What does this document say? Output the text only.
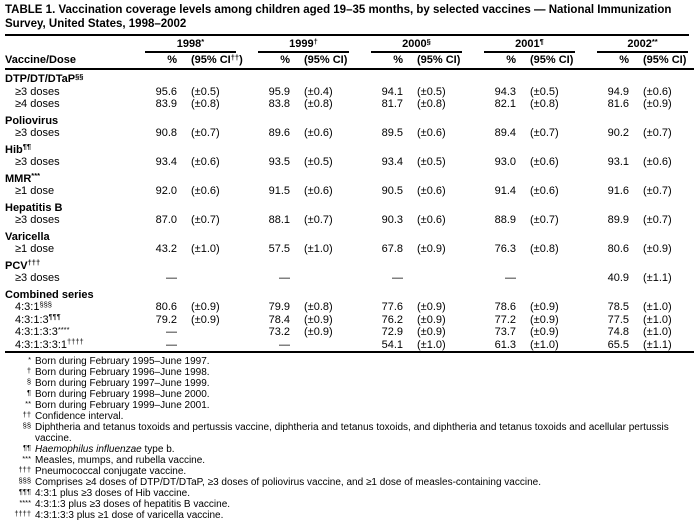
TABLE 1. Vaccination coverage levels among children aged 19–35 months, by selected vaccines — National Immunization Survey, United States, 1998–2002

	1998*		1999†		2000§		2001¶		2002**

Vaccine/Dose	%	(95% CI††)	%	(95% CI)	%	(95% CI)	%	(95% CI)	%	(95% CI)
DTP/DT/DTaP§§
≥3 doses	95.6	(±0.5)	95.9	(±0.4)	94.1	(±0.5)	94.3	(±0.5)	94.9	(±0.6)
≥4 doses	83.9	(±0.8)	83.8	(±0.8)	81.7	(±0.8)	82.1	(±0.8)	81.6	(±0.9)
Poliovirus										
≥3 doses	90.8	(±0.7)	89.6	(±0.6)	89.5	(±0.6)	89.4	(±0.7)	90.2	(±0.7)
Hib¶¶
≥3 doses	93.4	(±0.6)	93.5	(±0.5)	93.4	(±0.5)	93.0	(±0.6)	93.1	(±0.6)
MMR***
≥1 dose	92.0	(±0.6)	91.5	(±0.6)	90.5	(±0.6)	91.4	(±0.6)	91.6	(±0.7)
Hepatitis B										
≥3 doses	87.0	(±0.7)	88.1	(±0.7)	90.3	(±0.6)	88.9	(±0.7)	89.9	(±0.7)
Varicella										
≥1 dose	43.2	(±1.0)	57.5	(±1.0)	67.8	(±0.9)	76.3	(±0.8)	80.6	(±0.9)
PCV†††
≥3 doses	—		—		—		—		40.9	(±1.1)
Combined series										
4:3:1§§§	80.6	(±0.9)	79.9	(±0.8)	77.6	(±0.9)	78.6	(±0.9)	78.5	(±1.0)
4:3:1:3¶¶¶	79.2	(±0.9)	78.4	(±0.9)	76.2	(±0.9)	77.2	(±0.9)	77.5	(±1.0)
4:3:1:3:3****	—		73.2	(±0.9)	72.9	(±0.9)	73.7	(±0.9)	74.8	(±1.0)
4:3:1:3:3:1††††	—		—		54.1	(±1.0)	61.3	(±1.0)	65.5	(±1.1)
* Born during February 1995–June 1997.
† Born during February 1996–June 1998.
§ Born during February 1997–June 1999.
¶ Born during February 1998–June 2000.
** Born during February 1999–June 2001.
†† Confidence interval.
§§ Diphtheria and tetanus toxoids and pertussis vaccine, diphtheria and tetanus toxoids, and diphtheria and tetanus toxoids and acellular pertussis vaccine.
¶¶ Haemophilus influenzae type b.
*** Measles, mumps, and rubella vaccine.
††† Pneumococcal conjugate vaccine.
§§§ Comprises ≥4 doses of DTP/DT/DTaP, ≥3 doses of poliovirus vaccine, and ≥1 dose of measles-containing vaccine.
¶¶¶ 4:3:1 plus ≥3 doses of Hib vaccine.
**** 4:3:1:3 plus ≥3 doses of hepatitis B vaccine.
†††† 4:3:1:3:3 plus ≥1 dose of varicella vaccine.
